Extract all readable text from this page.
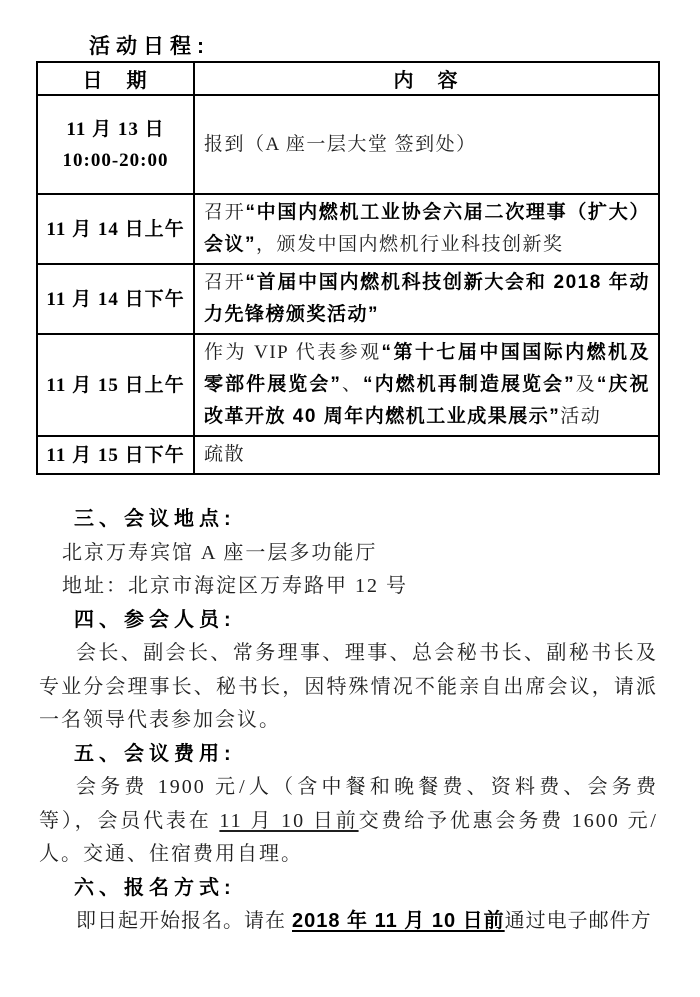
活动日程:
日　期	内　容

11 月 13 日
10:00-20:00	报到（A 座一层大堂 签到处）

11 月 14 日上午	召开“中国内燃机工业协会六届二次理事（扩大）会议”，颁发中国内燃机行业科技创新奖

11 月 14 日下午	召开“首届中国内燃机科技创新大会和 2018 年动力先锋榜颁奖活动”

11 月 15 日上午	作为 VIP 代表参观“第十七届中国国际内燃机及零部件展览会”、“内燃机再制造展览会”及“庆祝改革开放 40 周年内燃机工业成果展示”活动

11 月 15 日下午	疏散
三、会议地点:

北京万寿宾馆 A 座一层多功能厅

地址：北京市海淀区万寿路甲 12 号

四、参会人员:

会长、副会长、常务理事、理事、总会秘书长、副秘书长及专业分会理事长、秘书长，因特殊情况不能亲自出席会议，请派一名领导代表参加会议。

五、会议费用:

会务费 1900 元/人（含中餐和晚餐费、资料费、会务费等），会员代表在 11 月 10 日前交费给予优惠会务费 1600 元/人。交通、住宿费用自理。

六、报名方式:

即日起开始报名。请在 2018 年 11 月 10 日前通过电子邮件方
